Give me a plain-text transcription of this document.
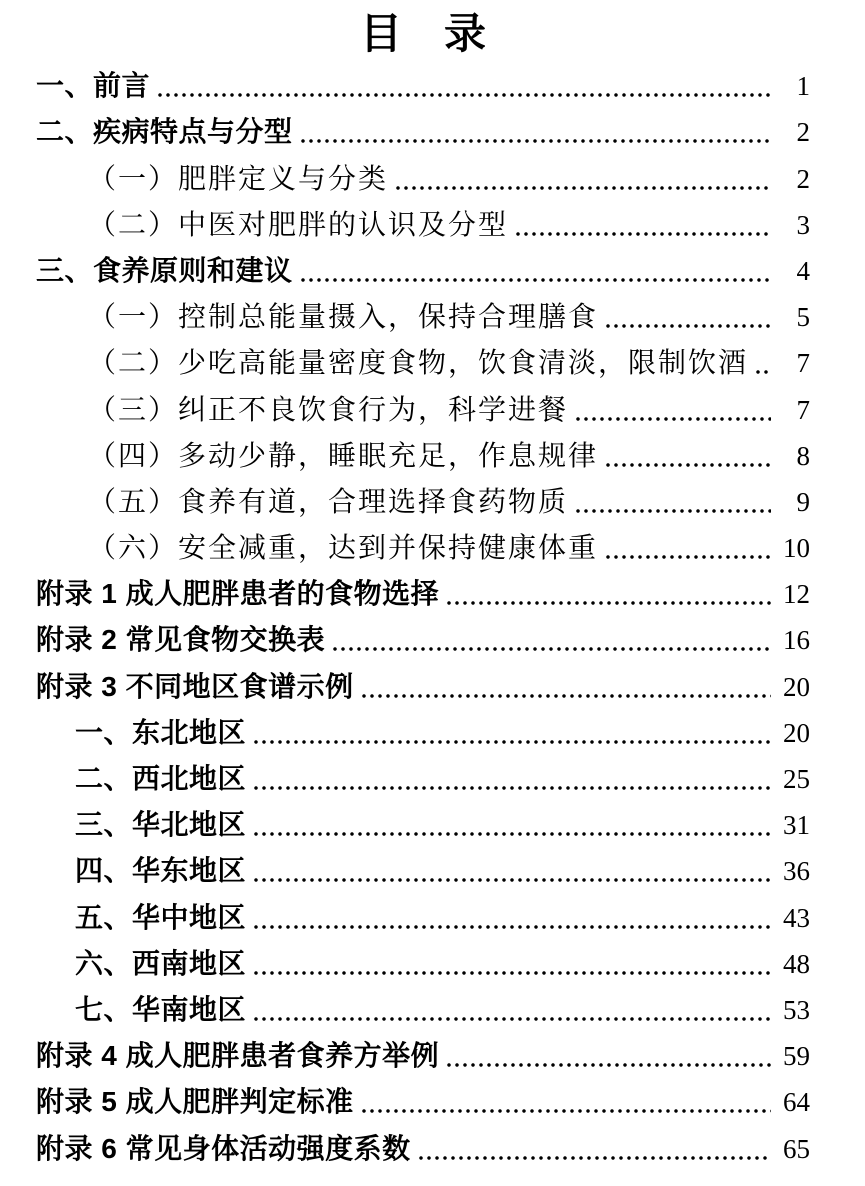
目　录
一、前言	1
二、疾病特点与分型	2
（一）肥胖定义与分类	2
（二）中医对肥胖的认识及分型	3
三、食养原则和建议	4
（一）控制总能量摄入，保持合理膳食	5
（二）少吃高能量密度食物，饮食清淡，限制饮酒	7
（三）纠正不良饮食行为，科学进餐	7
（四）多动少静，睡眠充足，作息规律	8
（五）食养有道，合理选择食药物质	9
（六）安全减重，达到并保持健康体重	10
附录 1 成人肥胖患者的食物选择	12
附录 2 常见食物交换表	16
附录 3 不同地区食谱示例	20
一、东北地区	20
二、西北地区	25
三、华北地区	31
四、华东地区	36
五、华中地区	43
六、西南地区	48
七、华南地区	53
附录 4 成人肥胖患者食养方举例	59
附录 5 成人肥胖判定标准	64
附录 6 常见身体活动强度系数	65
